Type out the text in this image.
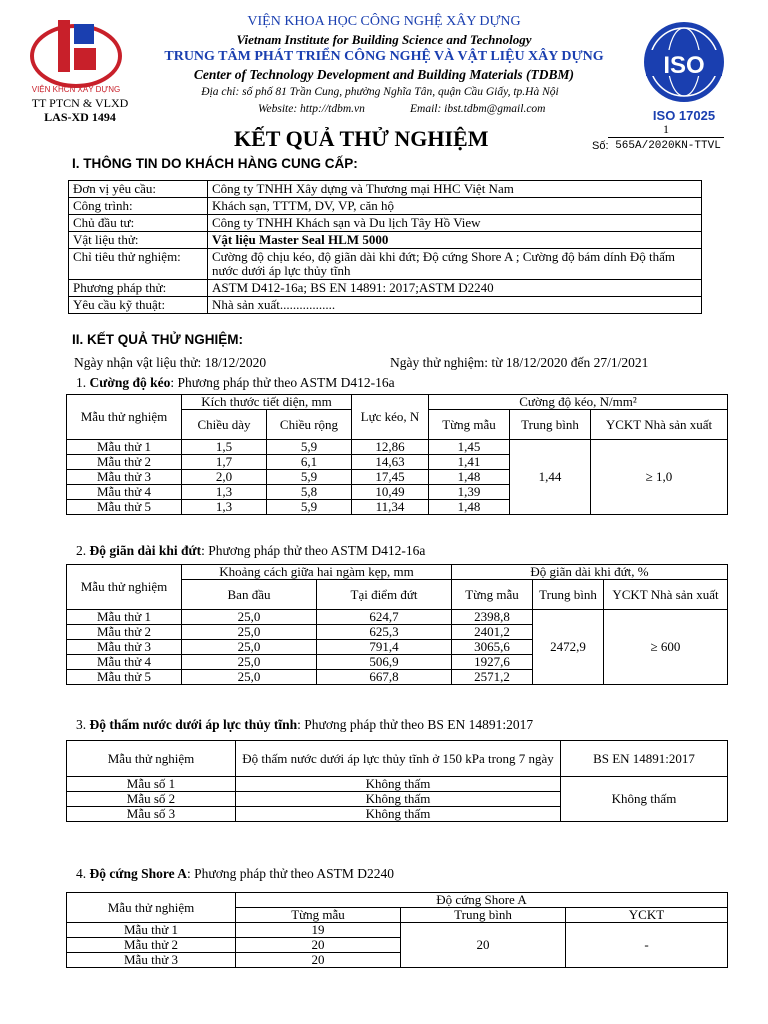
VIỆN KHCN XÂY DỰNG
TT PTCN & VLXD
LAS-XD 1494
VIỆN KHOA HỌC CÔNG NGHỆ XÂY DỰNG
Vietnam Institute for Building Science and Technology
TRUNG TÂM PHÁT TRIỂN CÔNG NGHỆ VÀ VẬT LIỆU XÂY DỰNG
Center of Technology Development and Building Materials (TDBM)
Địa chỉ: số phố 81 Trần Cung, phường Nghĩa Tân, quận Cầu Giấy, tp.Hà Nội
Website: http://tdbm.vn	Email: ibst.tdbm@gmail.com
ISO
ISO 17025
KẾT QUẢ THỬ NGHIỆM	Số:
1
565A/2020KN-TTVL
I. THÔNG TIN DO KHÁCH HÀNG CUNG CẤP:
Đơn vị yêu cầu:	Công ty TNHH Xây dựng và Thương mại HHC Việt Nam
Công trình:	Khách sạn, TTTM, DV, VP, căn hộ
Chủ đầu tư:	Công ty TNHH Khách sạn và Du lịch Tây Hồ View
Vật liệu thử:	Vật liệu Master Seal HLM 5000
Chỉ tiêu thử nghiệm:	Cường độ chịu kéo, độ giãn dài khi đứt; Độ cứng Shore A ; Cường độ bám dính Độ thấm nước dưới áp lực thủy tĩnh
Phương pháp thử:	ASTM D412-16a; BS EN 14891: 2017;ASTM D2240
Yêu cầu kỹ thuật:	Nhà sản xuất.................
II. KẾT QUẢ THỬ NGHIỆM:
Ngày nhận vật liệu thử: 18/12/2020	Ngày thử nghiệm: từ 18/12/2020 đến 27/1/2021
1. Cường độ kéo: Phương pháp thử theo ASTM D412-16a
Mẫu thử nghiệm	Kích thước tiết diện, mm		Lực kéo, N	Cường độ kéo, N/mm²		
	Chiều dày	Chiều rộng		Từng mẫu	Trung bình	YCKT Nhà sản xuất
Mẫu thử 1	1,5	5,9	12,86	1,45	1,44	≥ 1,0
Mẫu thử 2	1,7	6,1	14,63	1,41		
Mẫu thử 3	2,0	5,9	17,45	1,48		
Mẫu thử 4	1,3	5,8	10,49	1,39		
Mẫu thử 5	1,3	5,9	11,34	1,48		
2. Độ giãn dài khi đứt: Phương pháp thử theo ASTM D412-16a
Mẫu thử nghiệm	Khoảng cách giữa hai ngàm kẹp, mm		Độ giãn dài khi đứt, %		
	Ban đầu	Tại điểm đứt	Từng mẫu	Trung bình	YCKT Nhà sản xuất
Mẫu thử 1	25,0	624,7	2398,8	2472,9	≥ 600
Mẫu thử 2	25,0	625,3	2401,2		
Mẫu thử 3	25,0	791,4	3065,6		
Mẫu thử 4	25,0	506,9	1927,6		
Mẫu thử 5	25,0	667,8	2571,2		
3. Độ thấm nước dưới áp lực thủy tĩnh: Phương pháp thử theo BS EN 14891:2017
Mẫu thử nghiệm	Độ thấm nước dưới áp lực thủy tĩnh ở 150 kPa trong 7 ngày	BS EN 14891:2017
Mẫu số 1	Không thấm	Không thấm
Mẫu số 2	Không thấm	
Mẫu số 3	Không thấm	
4. Độ cứng Shore A: Phương pháp thử theo ASTM D2240
Mẫu thử nghiệm	Độ cứng Shore A		
	Từng mẫu	Trung bình	YCKT
Mẫu thử 1	19	20	-
Mẫu thử 2	20		
Mẫu thử 3	20		
